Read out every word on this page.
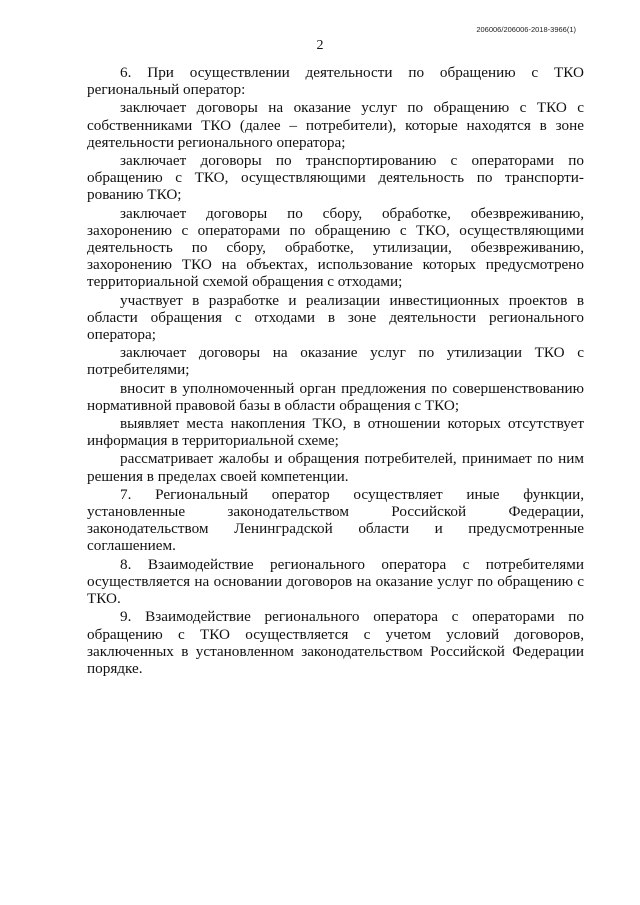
206006/206006-2018-3966(1)
2

6. При осуществлении деятельности по обращению с ТКО региональный оператор:

заключает договоры на оказание услуг по обращению с ТКО с собственниками ТКО (далее – потребители), которые находятся в зоне деятельности регионального оператора;

заключает договоры по транспортированию с операторами по обращению с ТКО, осуществляющими деятельность по транспорти-рованию ТКО;

заключает договоры по сбору, обработке, обезвреживанию, захоронению с операторами по обращению с ТКО, осуществляющими деятельность по сбору, обработке, утилизации, обезвреживанию, захоронению ТКО на объектах, использование которых предусмотрено территориальной схемой обращения с отходами;

участвует в разработке и реализации инвестиционных проектов в области обращения с отходами в зоне деятельности регионального оператора;

заключает договоры на оказание услуг по утилизации ТКО с потребителями;

вносит в уполномоченный орган предложения по совершенствованию нормативной правовой базы в области обращения с ТКО;

выявляет места накопления ТКО, в отношении которых отсутствует информация в территориальной схеме;

рассматривает жалобы и обращения потребителей, принимает по ним решения в пределах своей компетенции.

7. Региональный оператор осуществляет иные функции, установленные законодательством Российской Федерации, законодательством Ленинградской области и предусмотренные соглашением.

8. Взаимодействие регионального оператора с потребителями осуществляется на основании договоров на оказание услуг по обращению с ТКО.

9. Взаимодействие регионального оператора с операторами по обращению с ТКО осуществляется с учетом условий договоров, заключенных в установленном законодательством Российской Федерации порядке.
